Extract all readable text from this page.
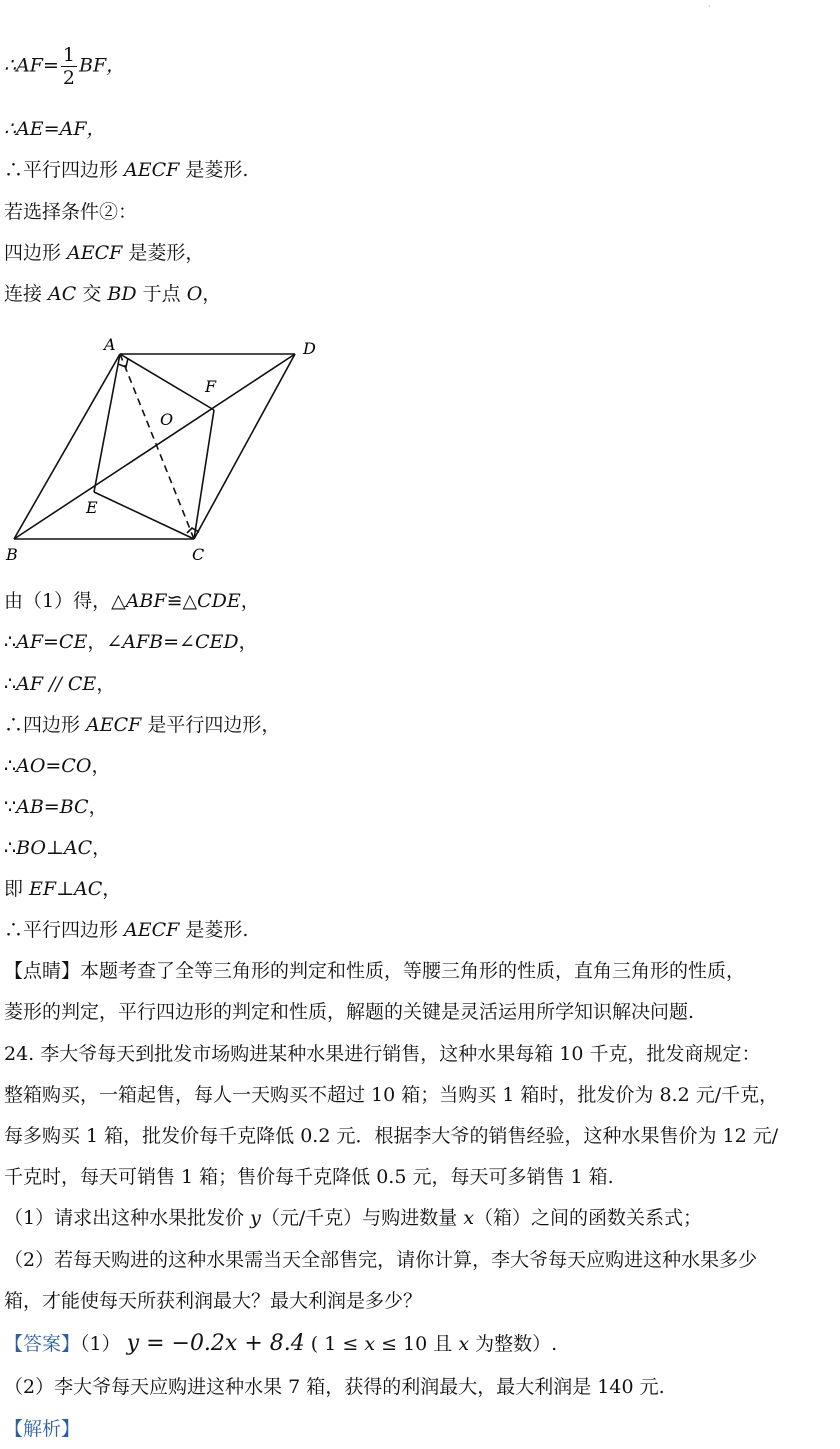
·
∴AF= $\frac{1}{2}$ BF，
∴AE=AF，
∴平行四边形 AECF 是菱形.
若选择条件②：
四边形 AECF 是菱形，
连接 AC 交 BD 于点 O，
A	D
F
O
E
B	C
由（1）得，△ABF≌△CDE，
∴AF=CE，∠AFB=∠CED，
∴AF // CE，
∴四边形 AECF 是平行四边形，
∴AO=CO，
∵AB=BC，
∴BO⊥AC，
即 EF⊥AC，
∴平行四边形 AECF 是菱形.
【点睛】本题考查了全等三角形的判定和性质，等腰三角形的性质，直角三角形的性质，
菱形的判定，平行四边形的判定和性质，解题的关键是灵活运用所学知识解决问题.
24. 李大爷每天到批发市场购进某种水果进行销售，这种水果每箱 10 千克，批发商规定：
整箱购买，一箱起售，每人一天购买不超过 10 箱；当购买 1 箱时，批发价为 8.2 元/千克，
每多购买 1 箱，批发价每千克降低 0.2 元．根据李大爷的销售经验，这种水果售价为 12 元/
千克时，每天可销售 1 箱；售价每千克降低 0.5 元，每天可多销售 1 箱.
（1）请求出这种水果批发价 y（元/千克）与购进数量 x（箱）之间的函数关系式；
（2）若每天购进的这种水果需当天全部售完，请你计算，李大爷每天应购进这种水果多少
箱，才能使每天所获利润最大？最大利润是多少？
【答案】（1） y = −0.2x + 8.4 ( 1 ≤ x ≤ 10 且 x 为整数）.
（2）李大爷每天应购进这种水果 7 箱，获得的利润最大，最大利润是 140 元.
【解析】
